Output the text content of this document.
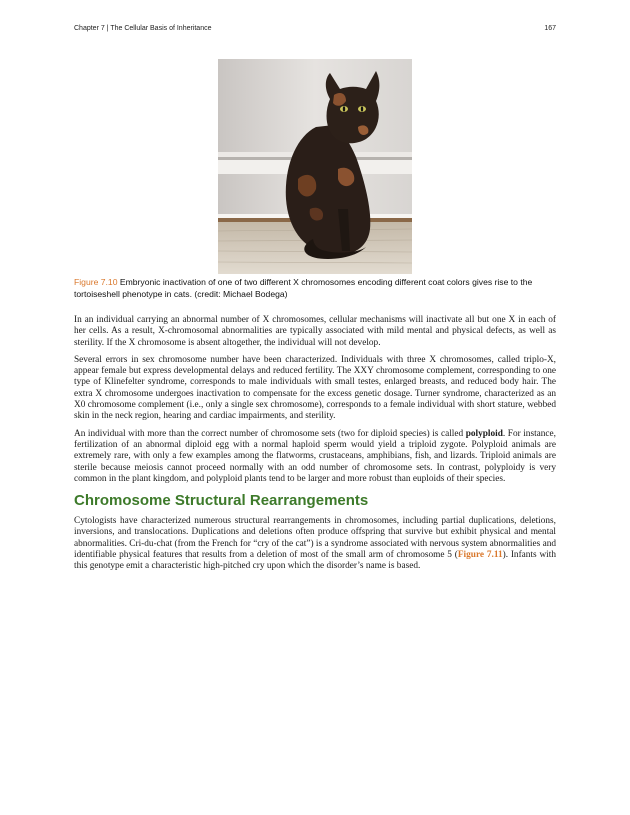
Chapter 7 | The Cellular Basis of Inheritance	167
Figure 7.10 Embryonic inactivation of one of two different X chromosomes encoding different coat colors gives rise to the tortoiseshell phenotype in cats. (credit: Michael Bodega)

In an individual carrying an abnormal number of X chromosomes, cellular mechanisms will inactivate all but one X in each of her cells. As a result, X-chromosomal abnormalities are typically associated with mild mental and physical defects, as well as sterility. If the X chromosome is absent altogether, the individual will not develop.

Several errors in sex chromosome number have been characterized. Individuals with three X chromosomes, called triplo-X, appear female but express developmental delays and reduced fertility. The XXY chromosome complement, corresponding to one type of Klinefelter syndrome, corresponds to male individuals with small testes, enlarged breasts, and reduced body hair. The extra X chromosome undergoes inactivation to compensate for the excess genetic dosage. Turner syndrome, characterized as an X0 chromosome complement (i.e., only a single sex chromosome), corresponds to a female individual with short stature, webbed skin in the neck region, hearing and cardiac impairments, and sterility.

An individual with more than the correct number of chromosome sets (two for diploid species) is called polyploid. For instance, fertilization of an abnormal diploid egg with a normal haploid sperm would yield a triploid zygote. Polyploid animals are extremely rare, with only a few examples among the flatworms, crustaceans, amphibians, fish, and lizards. Triploid animals are sterile because meiosis cannot proceed normally with an odd number of chromosome sets. In contrast, polyploidy is very common in the plant kingdom, and polyploid plants tend to be larger and more robust than euploids of their species.

Chromosome Structural Rearrangements

Cytologists have characterized numerous structural rearrangements in chromosomes, including partial duplications, deletions, inversions, and translocations. Duplications and deletions often produce offspring that survive but exhibit physical and mental abnormalities. Cri-du-chat (from the French for “cry of the cat”) is a syndrome associated with nervous system abnormalities and identifiable physical features that results from a deletion of most of the small arm of chromosome 5 (Figure 7.11). Infants with this genotype emit a characteristic high-pitched cry upon which the disorder’s name is based.
